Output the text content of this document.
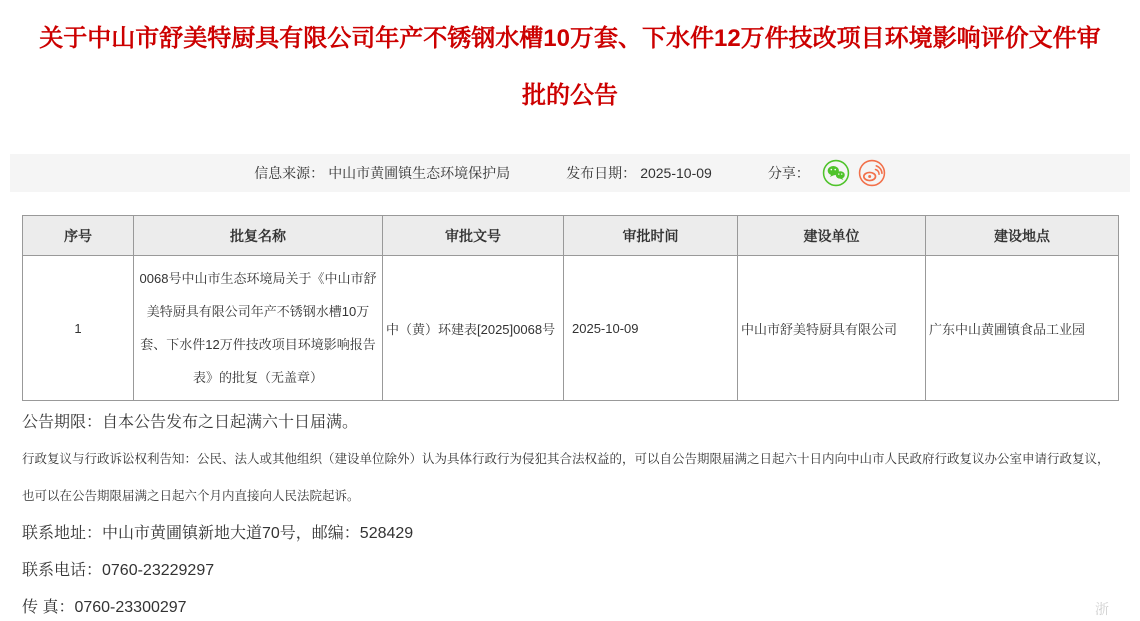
关于中山市舒美特厨具有限公司年产不锈钢水槽10万套、下水件12万件技改项目环境影响评价文件审批的公告
信息来源： 中山市黄圃镇生态环境保护局	发布日期： 2025-10-09	分享：
序号	批复名称	审批文号	审批时间	建设单位	建设地点
1	0068号中山市生态环境局关于《中山市舒美特厨具有限公司年产不锈钢水槽10万套、下水件12万件技改项目环境影响报告表》的批复（无盖章）	中（黄）环建表[2025]0068号	2025-10-09	中山市舒美特厨具有限公司	广东中山黄圃镇食品工业园

公告期限：自本公告发布之日起满六十日届满。

行政复议与行政诉讼权利告知：公民、法人或其他组织（建设单位除外）认为具体行政行为侵犯其合法权益的，可以自公告期限届满之日起六十日内向中山市人民政府行政复议办公室申请行政复议，也可以在公告期限届满之日起六个月内直接向人民法院起诉。

联系地址：中山市黄圃镇新地大道70号，邮编：528429

联系电话：0760-23229297

传 真：0760-23300297	浙
